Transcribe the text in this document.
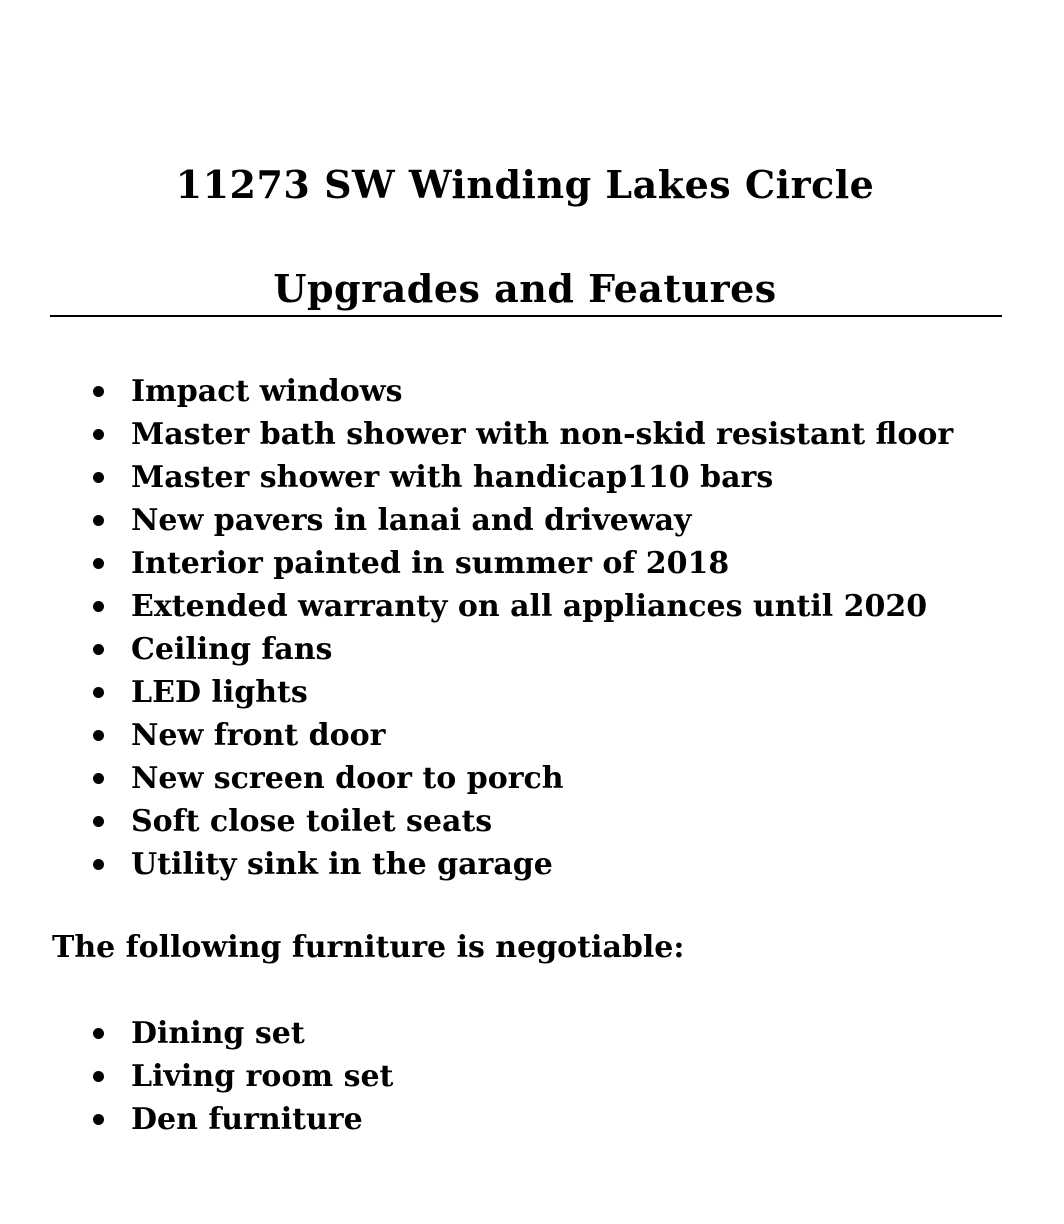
11273 SW Winding Lakes Circle
Upgrades and Features
Impact windows
Master bath shower with non-skid resistant floor
Master shower with handicap110 bars
New pavers in lanai and driveway
Interior painted in summer of 2018
Extended warranty on all appliances until 2020
Ceiling fans
LED lights
New front door
New screen door to porch
Soft close toilet seats
Utility sink in the garage
The following furniture is negotiable:
Dining set
Living room set
Den furniture
